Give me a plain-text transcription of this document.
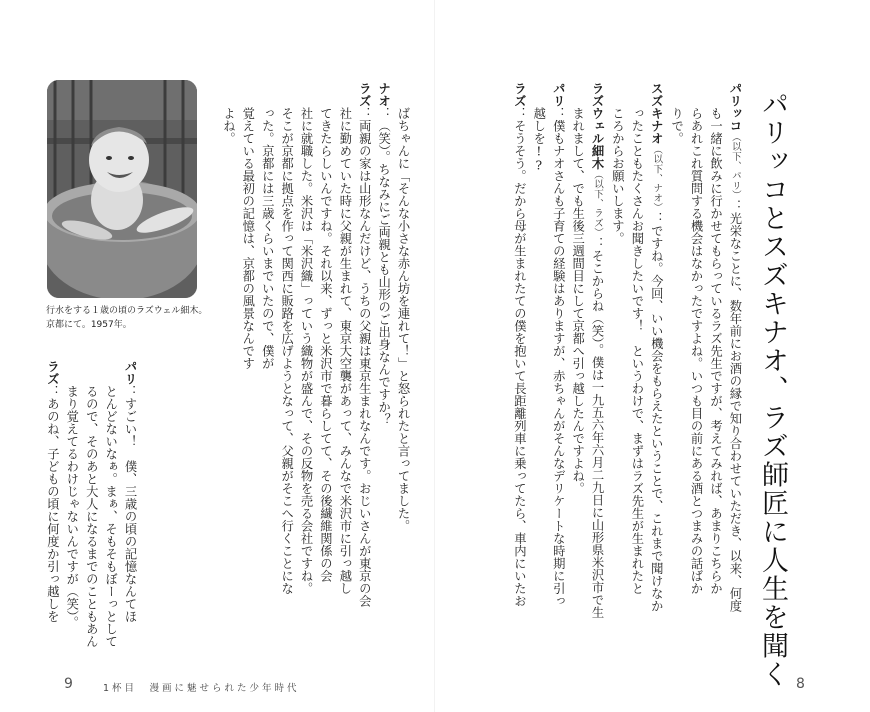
パリッコとスズキナオ、ラズ師匠に人生を聞く
パリッコ（以下、パリ）：光栄なことに、数年前にお酒の縁で知り合わせていただき、以来、何度
　　も一緒に飲みに行かせてもらっているラズ先生ですが、考えてみれば、あまりこちらか
　　らあれこれ質問する機会はなかったですよね。いつも目の前にある酒とつまみの話ばか
　　りで。
スズキナオ（以下、ナオ）：ですね。今回、いい機会をもらえたということで、これまで聞けなか
　　ったこともたくさんお聞きしたいです！　というわけで、まずはラズ先生が生まれたと
　　ころからお願いします。
ラズウェル細木（以下、ラズ）：そこからね（笑）。僕は一九五六年六月二九日に山形県米沢市で生
　　まれまして、でも生後三週間目にして京都へ引っ越したんですよね。
パリ：僕もナオさんも子育ての経験はありますが、赤ちゃんがそんなデリケートな時期に引っ
　　越しを!?
ラズ：そうそう。だから母が生まれたての僕を抱いて長距離列車に乗ってたら、車内にいたお
　　ばちゃんに「そんな小さな赤ん坊を連れて！」と怒られたと言ってました。
ナオ：（笑）。ちなみにご両親とも山形のご出身なんですか？
ラズ：両親の家は山形なんだけど、うちの父親は東京生まれなんです。おじいさんが東京の会
　　社に勤めていた時に父親が生まれて、東京大空襲があって、みんなで米沢市に引っ越し
　　てきたらしいんですね。それ以来、ずっと米沢市で暮らしてて、その後繊維関係の会
　　社に就職した。米沢は「米沢織」っていう織物が盛んで、その反物を売る会社ですね。
　　そこが京都に拠点を作って関西に販路を広げようとなって、父親がそこへ行くことにな
　　った。京都には三歳くらいまでいたので、僕が
　　覚えている最初の記憶は、京都の風景なんです
　　よね。
パリ：すごい！　僕、三歳の頃の記憶なんてほ
　　とんどないなぁ。まぁ、そもそもぼーっとして
　　るので、そのあと大人になるまでのこともあん
　　まり覚えてるわけじゃないんですが（笑）。
ラズ：あのね、子どもの頃に何度か引っ越しを
行水をする１歳の頃のラズウェル細木。
京都にて。1957年。
9	1杯目　漫画に魅せられた少年時代	8
